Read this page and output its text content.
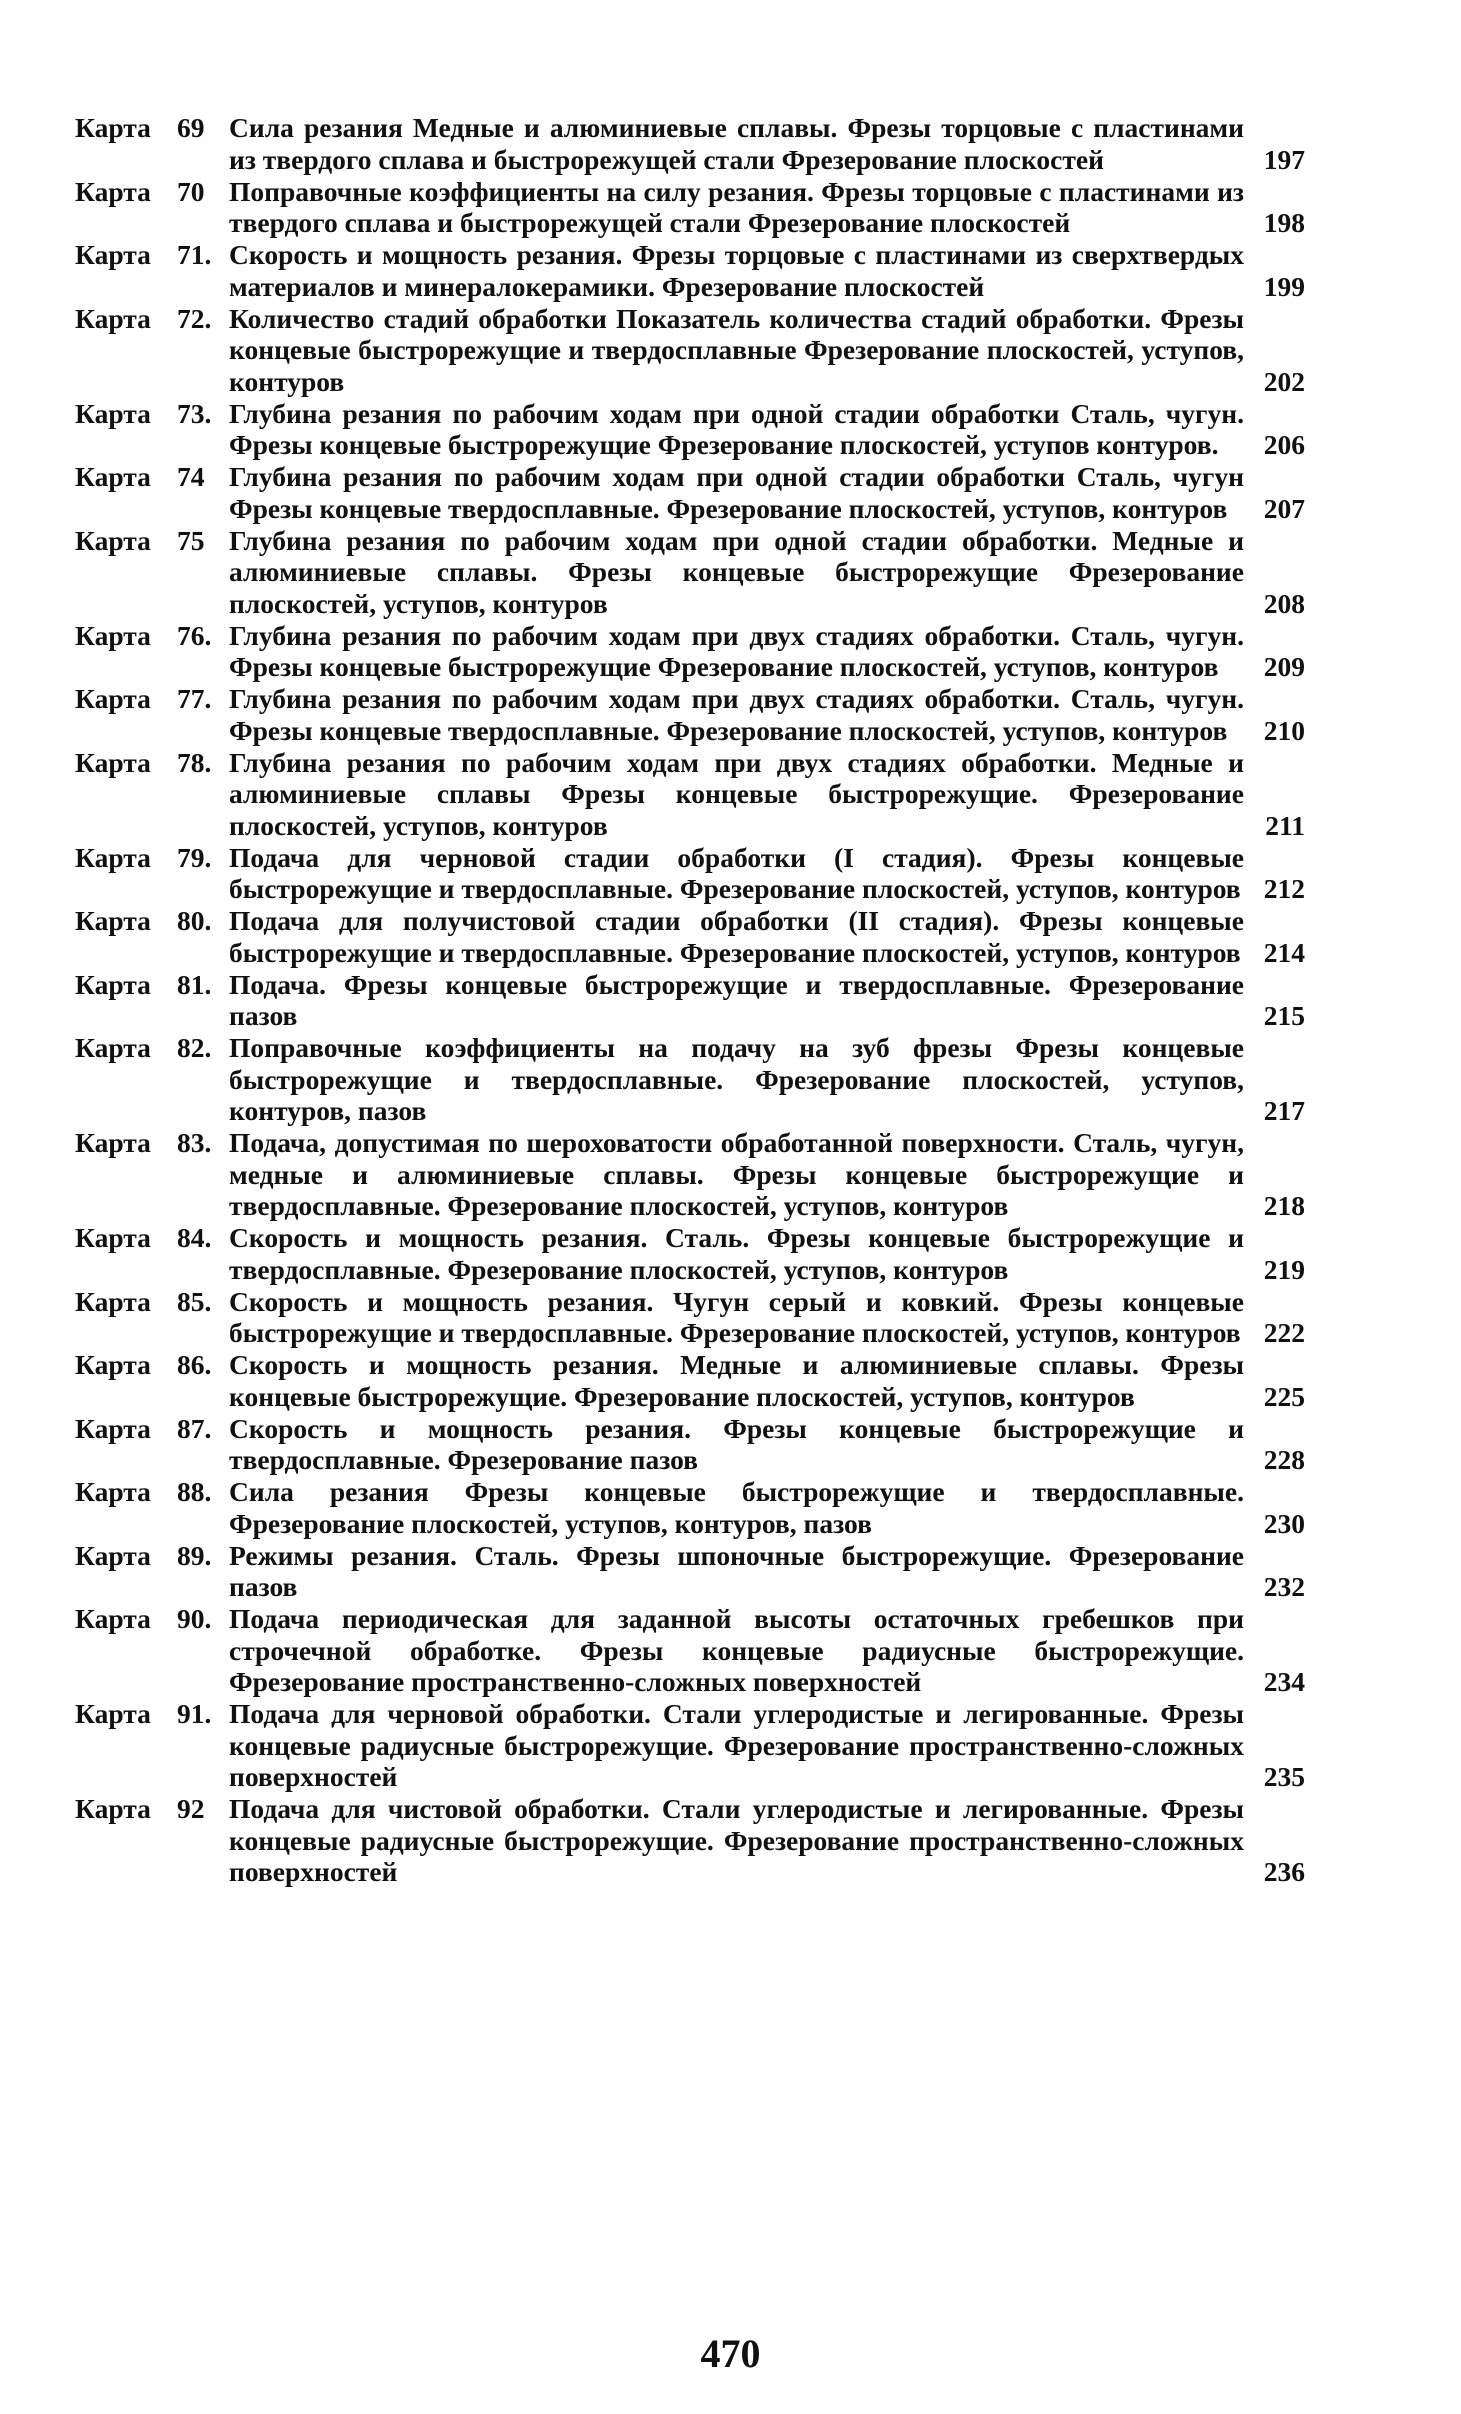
Карта 69 Сила резания Медные и алюминиевые сплавы. Фрезы торцовые с пластинами из твердого сплава и быстрорежущей стали Фрезерование плоскостей	197
Карта 70 Поправочные коэффициенты на силу резания. Фрезы торцовые с пластинами из твердого сплава и быстрорежущей стали Фрезерование плоскостей	198
Карта 71. Скорость и мощность резания. Фрезы торцовые с пластинами из сверхтвердых материалов и минералокерамики. Фрезерование плоскостей	199
Карта 72. Количество стадий обработки Показатель количества стадий обработки. Фрезы концевые быстрорежущие и твердосплавные Фрезерование плоскостей, уступов, контуров	202
Карта 73. Глубина резания по рабочим ходам при одной стадии обработки Сталь, чугун. Фрезы концевые быстрорежущие Фрезерование плоскостей, уступов контуров.	206
Карта 74 Глубина резания по рабочим ходам при одной стадии обработки Сталь, чугун Фрезы концевые твердосплавные. Фрезерование плоскостей, уступов, контуров	207
Карта 75 Глубина резания по рабочим ходам при одной стадии обработки. Медные и алюминиевые сплавы. Фрезы концевые быстрорежущие Фрезерование плоскостей, уступов, контуров	208
Карта 76. Глубина резания по рабочим ходам при двух стадиях обработки. Сталь, чугун. Фрезы концевые быстрорежущие Фрезерование плоскостей, уступов, контуров	209
Карта 77. Глубина резания по рабочим ходам при двух стадиях обработки. Сталь, чугун. Фрезы концевые твердосплавные. Фрезерование плоскостей, уступов, контуров	210
Карта 78. Глубина резания по рабочим ходам при двух стадиях обработки. Медные и алюминиевые сплавы Фрезы концевые быстрорежущие. Фрезерование плоскостей, уступов, контуров	211
Карта 79. Подача для черновой стадии обработки (I стадия). Фрезы концевые быстрорежущие и твердосплавные. Фрезерование плоскостей, уступов, контуров 212
Карта 80. Подача для получистовой стадии обработки (II стадия). Фрезы концевые быстрорежущие и твердосплавные. Фрезерование плоскостей, уступов, контуров 214
Карта 81. Подача. Фрезы концевые быстрорежущие и твердосплавные. Фрезерование пазов	215
Карта 82. Поправочные коэффициенты на подачу на зуб фрезы Фрезы концевые быстрорежущие и твердосплавные. Фрезерование плоскостей, уступов, контуров, пазов	217
Карта 83. Подача, допустимая по шероховатости обработанной поверхности. Сталь, чугун, медные и алюминиевые сплавы. Фрезы концевые быстрорежущие и твердосплавные. Фрезерование плоскостей, уступов, контуров	218
Карта 84. Скорость и мощность резания. Сталь. Фрезы концевые быстрорежущие и твердосплавные. Фрезерование плоскостей, уступов, контуров	219
Карта 85. Скорость и мощность резания. Чугун серый и ковкий. Фрезы концевые быстрорежущие и твердосплавные. Фрезерование плоскостей, уступов, контуров 222
Карта 86. Скорость и мощность резания. Медные и алюминиевые сплавы. Фрезы концевые быстрорежущие. Фрезерование плоскостей, уступов, контуров	225
Карта 87. Скорость и мощность резания. Фрезы концевые быстрорежущие и твердосплавные. Фрезерование пазов	228
Карта 88. Сила резания Фрезы концевые быстрорежущие и твердосплавные. Фрезерование плоскостей, уступов, контуров, пазов	230
Карта 89. Режимы резания. Сталь. Фрезы шпоночные быстрорежущие. Фрезерование пазов	232
Карта 90. Подача периодическая для заданной высоты остаточных гребешков при строчечной обработке. Фрезы концевые радиусные быстрорежущие. Фрезерование пространственно-сложных поверхностей	234
Карта 91. Подача для черновой обработки. Стали углеродистые и легированные. Фрезы концевые радиусные быстрорежущие. Фрезерование пространственно-сложных поверхностей	235
Карта 92 Подача для чистовой обработки. Стали углеродистые и легированные. Фрезы концевые радиусные быстрорежущие. Фрезерование пространственно-сложных поверхностей	236
470
